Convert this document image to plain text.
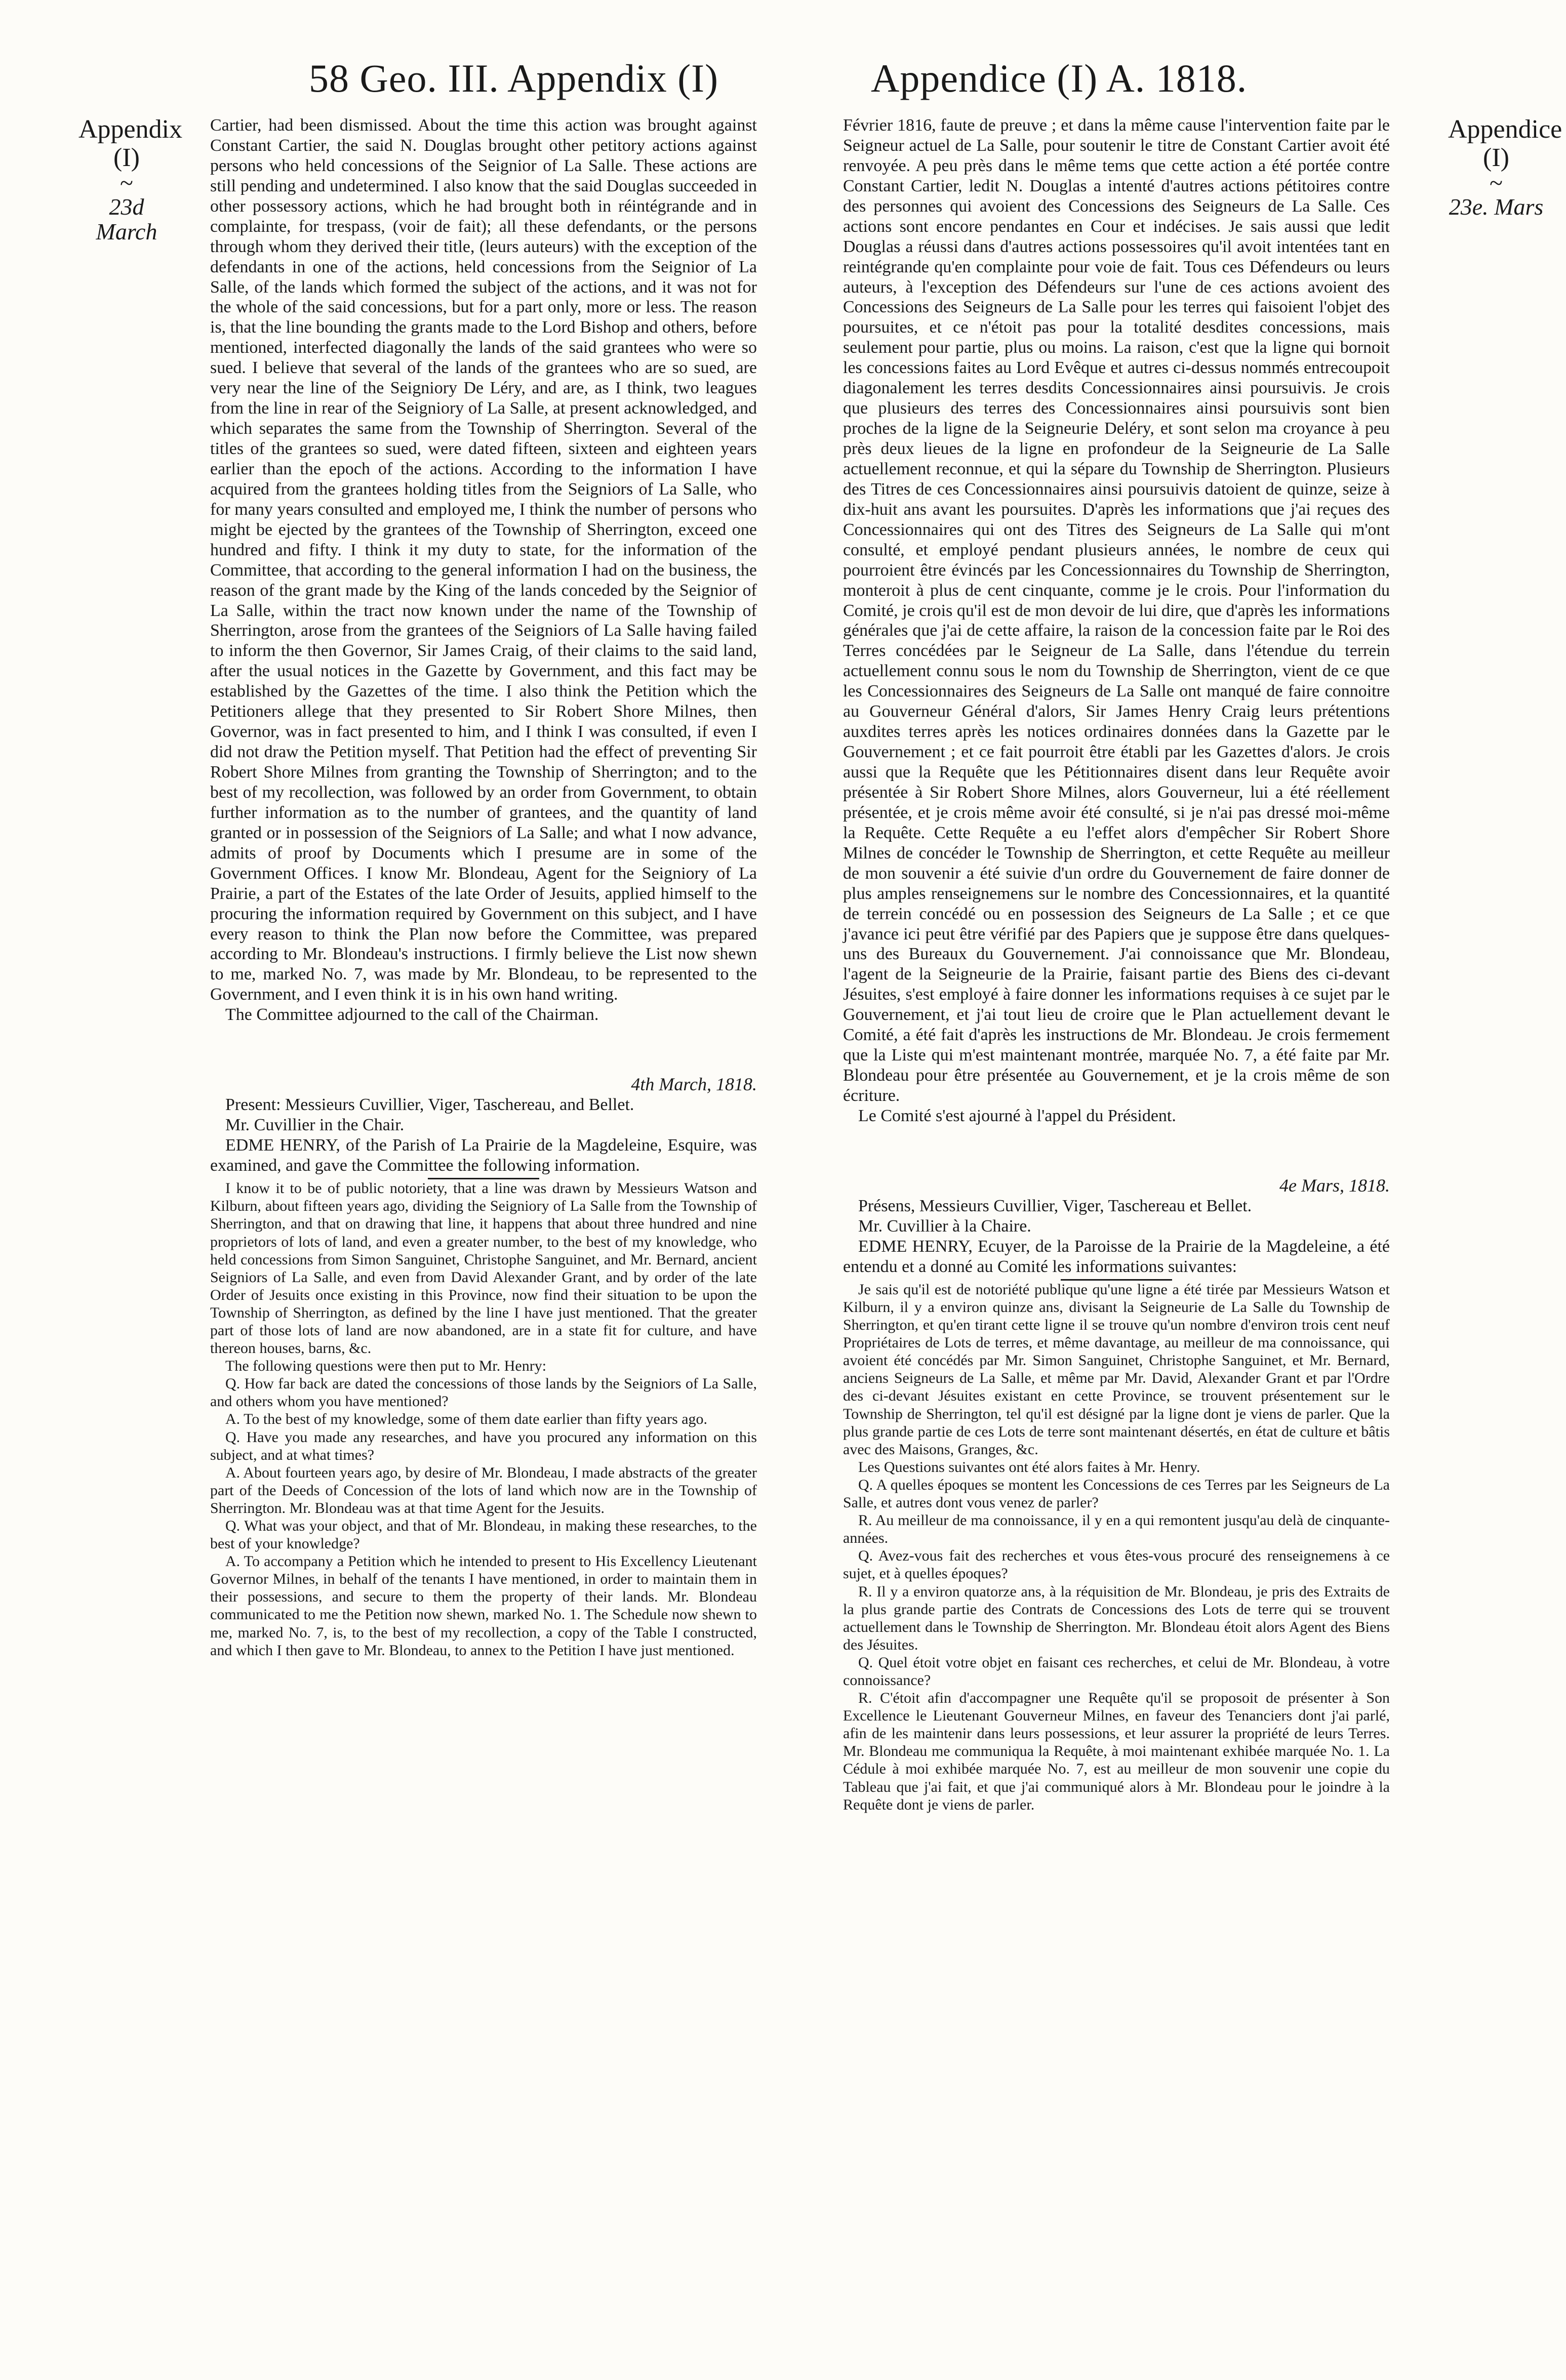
58 Geo. III. Appendix (I)	Appendice (I) A. 1818.
Appendix
(I)
~
23d March
Appendice
(I)
~
23e. Mars

Cartier, had been dismissed. About the time this action was brought against Constant Cartier, the said N. Douglas brought other petitory actions against persons who held concessions of the Seignior of La Salle. These actions are still pending and undetermined. I also know that the said Douglas succeeded in other possessory actions, which he had brought both in réintégrande and in complainte, for trespass, (voir de fait); all these defendants, or the persons through whom they derived their title, (leurs auteurs) with the exception of the defendants in one of the actions, held concessions from the Seignior of La Salle, of the lands which formed the subject of the actions, and it was not for the whole of the said concessions, but for a part only, more or less. The reason is, that the line bounding the grants made to the Lord Bishop and others, before mentioned, interfected diagonally the lands of the said grantees who were so sued. I believe that several of the lands of the grantees who are so sued, are very near the line of the Seigniory De Léry, and are, as I think, two leagues from the line in rear of the Seigniory of La Salle, at present acknowledged, and which separates the same from the Township of Sherrington. Several of the titles of the grantees so sued, were dated fifteen, sixteen and eighteen years earlier than the epoch of the actions. According to the information I have acquired from the grantees holding titles from the Seigniors of La Salle, who for many years consulted and employed me, I think the number of persons who might be ejected by the grantees of the Township of Sherrington, exceed one hundred and fifty. I think it my duty to state, for the information of the Committee, that according to the general information I had on the business, the reason of the grant made by the King of the lands conceded by the Seignior of La Salle, within the tract now known under the name of the Township of Sherrington, arose from the grantees of the Seigniors of La Salle having failed to inform the then Governor, Sir James Craig, of their claims to the said land, after the usual notices in the Gazette by Government, and this fact may be established by the Gazettes of the time. I also think the Petition which the Petitioners allege that they presented to Sir Robert Shore Milnes, then Governor, was in fact presented to him, and I think I was consulted, if even I did not draw the Petition myself. That Petition had the effect of preventing Sir Robert Shore Milnes from granting the Township of Sherrington; and to the best of my recollection, was followed by an order from Government, to obtain further information as to the number of grantees, and the quantity of land granted or in possession of the Seigniors of La Salle; and what I now advance, admits of proof by Documents which I presume are in some of the Government Offices. I know Mr. Blondeau, Agent for the Seigniory of La Prairie, a part of the Estates of the late Order of Jesuits, applied himself to the procuring the information required by Government on this subject, and I have every reason to think the Plan now before the Committee, was prepared according to Mr. Blondeau's instructions. I firmly believe the List now shewn to me, marked No. 7, was made by Mr. Blondeau, to be represented to the Government, and I even think it is in his own hand writing.

The Committee adjourned to the call of the Chairman.

4th March, 1818.

Present: Messieurs Cuvillier, Viger, Taschereau, and Bellet.

Mr. Cuvillier in the Chair.

EDME HENRY, of the Parish of La Prairie de la Magdeleine, Esquire, was examined, and gave the Committee the following information.

I know it to be of public notoriety, that a line was drawn by Messieurs Watson and Kilburn, about fifteen years ago, dividing the Seigniory of La Salle from the Township of Sherrington, and that on drawing that line, it happens that about three hundred and nine proprietors of lots of land, and even a greater number, to the best of my knowledge, who held concessions from Simon Sanguinet, Christophe Sanguinet, and Mr. Bernard, ancient Seigniors of La Salle, and even from David Alexander Grant, and by order of the late Order of Jesuits once existing in this Province, now find their situation to be upon the Township of Sherrington, as defined by the line I have just mentioned. That the greater part of those lots of land are now abandoned, are in a state fit for culture, and have thereon houses, barns, &c.

The following questions were then put to Mr. Henry:

Q. How far back are dated the concessions of those lands by the Seigniors of La Salle, and others whom you have mentioned?

A. To the best of my knowledge, some of them date earlier than fifty years ago.

Q. Have you made any researches, and have you procured any information on this subject, and at what times?

A. About fourteen years ago, by desire of Mr. Blondeau, I made abstracts of the greater part of the Deeds of Concession of the lots of land which now are in the Township of Sherrington. Mr. Blondeau was at that time Agent for the Jesuits.

Q. What was your object, and that of Mr. Blondeau, in making these researches, to the best of your knowledge?

A. To accompany a Petition which he intended to present to His Excellency Lieutenant Governor Milnes, in behalf of the tenants I have mentioned, in order to maintain them in their possessions, and secure to them the property of their lands. Mr. Blondeau communicated to me the Petition now shewn, marked No. 1. The Schedule now shewn to me, marked No. 7, is, to the best of my recollection, a copy of the Table I constructed, and which I then gave to Mr. Blondeau, to annex to the Petition I have just mentioned.

Février 1816, faute de preuve ; et dans la même cause l'intervention faite par le Seigneur actuel de La Salle, pour soutenir le titre de Constant Cartier avoit été renvoyée. A peu près dans le même tems que cette action a été portée contre Constant Cartier, ledit N. Douglas a intenté d'autres actions pétitoires contre des personnes qui avoient des Concessions des Seigneurs de La Salle. Ces actions sont encore pendantes en Cour et indécises. Je sais aussi que ledit Douglas a réussi dans d'autres actions possessoires qu'il avoit intentées tant en reintégrande qu'en complainte pour voie de fait. Tous ces Défendeurs ou leurs auteurs, à l'exception des Défendeurs sur l'une de ces actions avoient des Concessions des Seigneurs de La Salle pour les terres qui faisoient l'objet des poursuites, et ce n'étoit pas pour la totalité desdites concessions, mais seulement pour partie, plus ou moins. La raison, c'est que la ligne qui bornoit les concessions faites au Lord Evêque et autres ci-dessus nommés entrecoupoit diagonalement les terres desdits Concessionnaires ainsi poursuivis. Je crois que plusieurs des terres des Concessionnaires ainsi poursuivis sont bien proches de la ligne de la Seigneurie Deléry, et sont selon ma croyance à peu près deux lieues de la ligne en profondeur de la Seigneurie de La Salle actuellement reconnue, et qui la sépare du Township de Sherrington. Plusieurs des Titres de ces Concessionnaires ainsi poursuivis datoient de quinze, seize à dix-huit ans avant les poursuites. D'après les informations que j'ai reçues des Concessionnaires qui ont des Titres des Seigneurs de La Salle qui m'ont consulté, et employé pendant plusieurs années, le nombre de ceux qui pourroient être évincés par les Concessionnaires du Township de Sherrington, monteroit à plus de cent cinquante, comme je le crois. Pour l'information du Comité, je crois qu'il est de mon devoir de lui dire, que d'après les informations générales que j'ai de cette affaire, la raison de la concession faite par le Roi des Terres concédées par le Seigneur de La Salle, dans l'étendue du terrein actuellement connu sous le nom du Township de Sherrington, vient de ce que les Concessionnaires des Seigneurs de La Salle ont manqué de faire connoitre au Gouverneur Général d'alors, Sir James Henry Craig leurs prétentions auxdites terres après les notices ordinaires données dans la Gazette par le Gouvernement ; et ce fait pourroit être établi par les Gazettes d'alors. Je crois aussi que la Requête que les Pétitionnaires disent dans leur Requête avoir présentée à Sir Robert Shore Milnes, alors Gouverneur, lui a été réellement présentée, et je crois même avoir été consulté, si je n'ai pas dressé moi-même la Requête. Cette Requête a eu l'effet alors d'empêcher Sir Robert Shore Milnes de concéder le Township de Sherrington, et cette Requête au meilleur de mon souvenir a été suivie d'un ordre du Gouvernement de faire donner de plus amples renseignemens sur le nombre des Concessionnaires, et la quantité de terrein concédé ou en possession des Seigneurs de La Salle ; et ce que j'avance ici peut être vérifié par des Papiers que je suppose être dans quelques-uns des Bureaux du Gouvernement. J'ai connoissance que Mr. Blondeau, l'agent de la Seigneurie de la Prairie, faisant partie des Biens des ci-devant Jésuites, s'est employé à faire donner les informations requises à ce sujet par le Gouvernement, et j'ai tout lieu de croire que le Plan actuellement devant le Comité, a été fait d'après les instructions de Mr. Blondeau. Je crois fermement que la Liste qui m'est maintenant montrée, marquée No. 7, a été faite par Mr. Blondeau pour être présentée au Gouvernement, et je la crois même de son écriture.

Le Comité s'est ajourné à l'appel du Président.

4e Mars, 1818.

Présens, Messieurs Cuvillier, Viger, Taschereau et Bellet.

Mr. Cuvillier à la Chaire.

EDME HENRY, Ecuyer, de la Paroisse de la Prairie de la Magdeleine, a été entendu et a donné au Comité les informations suivantes:

Je sais qu'il est de notoriété publique qu'une ligne a été tirée par Messieurs Watson et Kilburn, il y a environ quinze ans, divisant la Seigneurie de La Salle du Township de Sherrington, et qu'en tirant cette ligne il se trouve qu'un nombre d'environ trois cent neuf Propriétaires de Lots de terres, et même davantage, au meilleur de ma connoissance, qui avoient été concédés par Mr. Simon Sanguinet, Christophe Sanguinet, et Mr. Bernard, anciens Seigneurs de La Salle, et même par Mr. David, Alexander Grant et par l'Ordre des ci-devant Jésuites existant en cette Province, se trouvent présentement sur le Township de Sherrington, tel qu'il est désigné par la ligne dont je viens de parler. Que la plus grande partie de ces Lots de terre sont maintenant désertés, en état de culture et bâtis avec des Maisons, Granges, &c.

Les Questions suivantes ont été alors faites à Mr. Henry.

Q. A quelles époques se montent les Concessions de ces Terres par les Seigneurs de La Salle, et autres dont vous venez de parler?

R. Au meilleur de ma connoissance, il y en a qui remontent jusqu'au delà de cinquante-années.

Q. Avez-vous fait des recherches et vous êtes-vous procuré des renseignemens à ce sujet, et à quelles époques?

R. Il y a environ quatorze ans, à la réquisition de Mr. Blondeau, je pris des Extraits de la plus grande partie des Contrats de Concessions des Lots de terre qui se trouvent actuellement dans le Township de Sherrington. Mr. Blondeau étoit alors Agent des Biens des Jésuites.

Q. Quel étoit votre objet en faisant ces recherches, et celui de Mr. Blondeau, à votre connoissance?

R. C'étoit afin d'accompagner une Requête qu'il se proposoit de présenter à Son Excellence le Lieutenant Gouverneur Milnes, en faveur des Tenanciers dont j'ai parlé, afin de les maintenir dans leurs possessions, et leur assurer la propriété de leurs Terres. Mr. Blondeau me communiqua la Requête, à moi maintenant exhibée marquée No. 1. La Cédule à moi exhibée marquée No. 7, est au meilleur de mon souvenir une copie du Tableau que j'ai fait, et que j'ai communiqué alors à Mr. Blondeau pour le joindre à la Requête dont je viens de parler.
